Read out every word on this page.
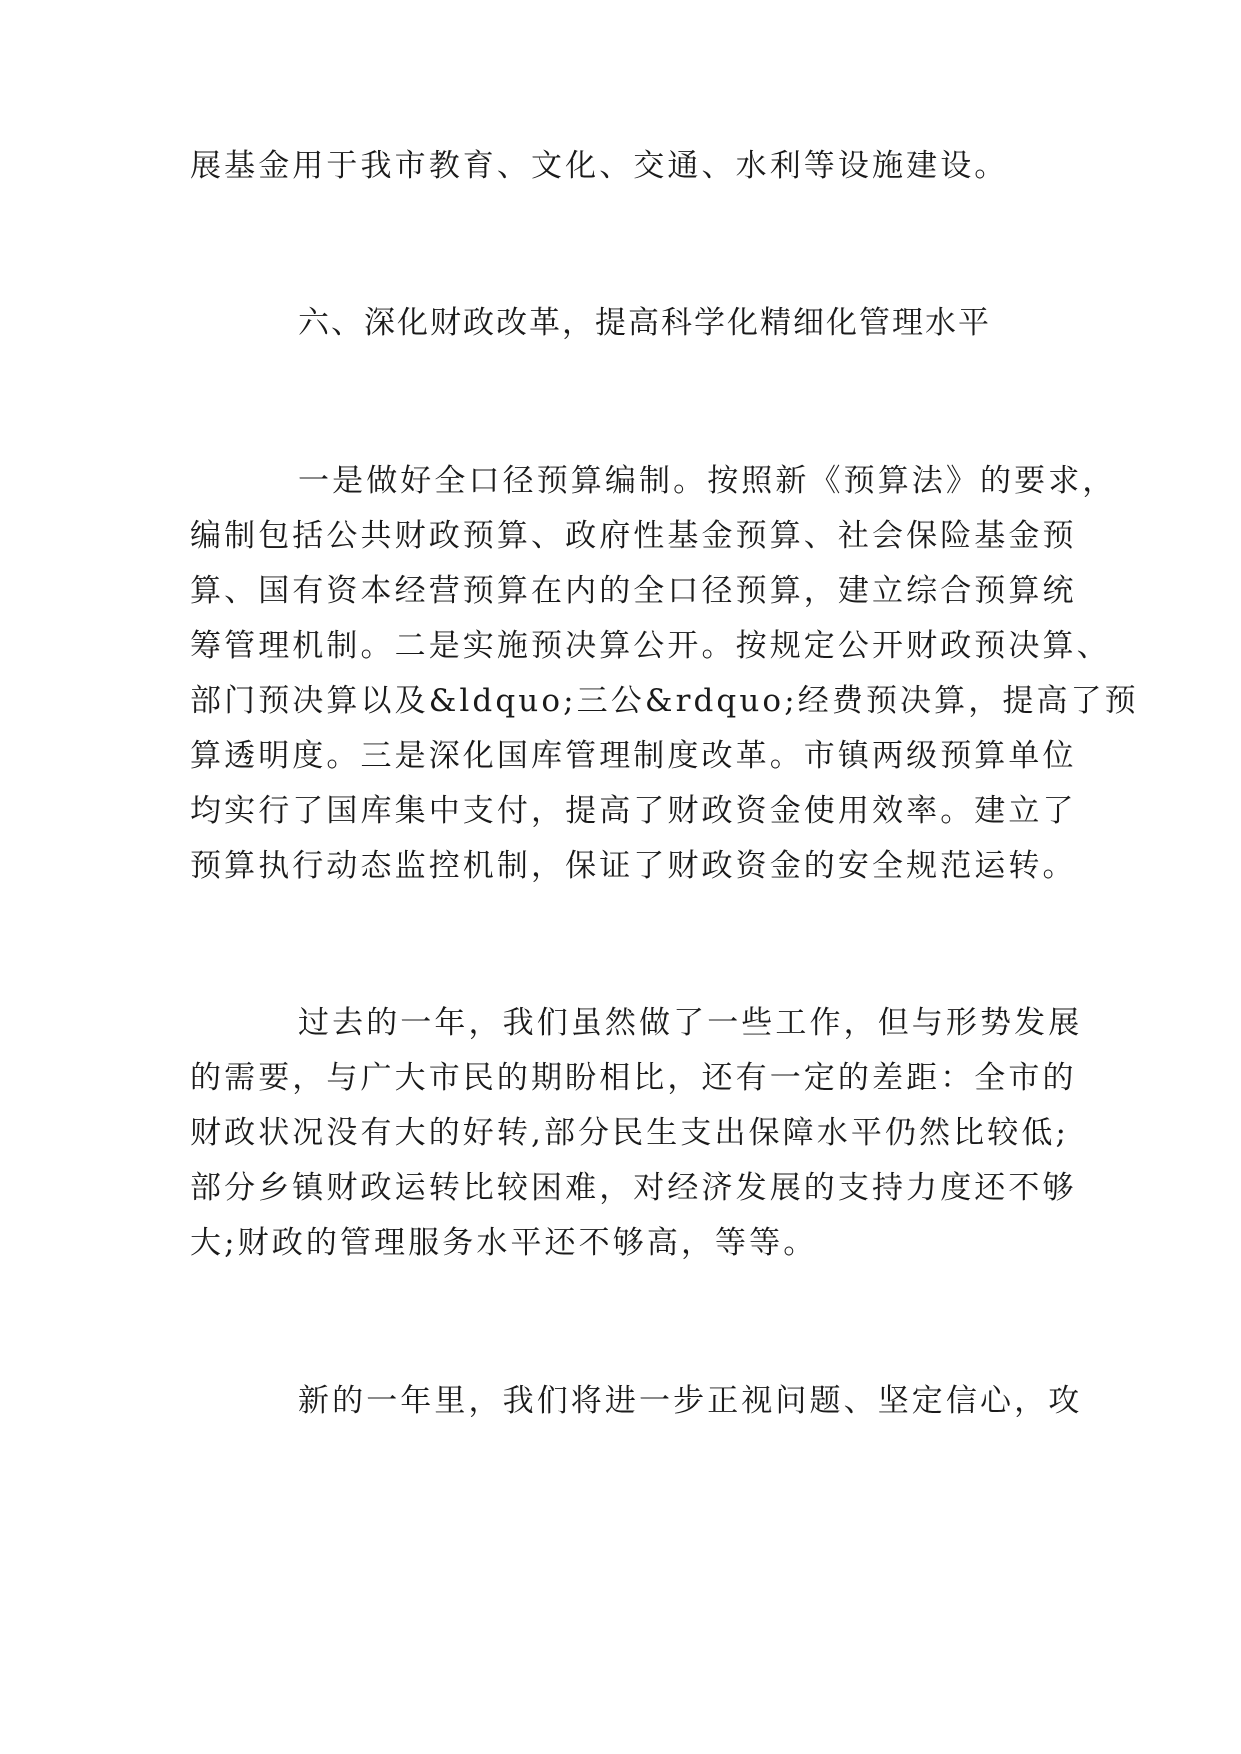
展基金用于我市教育、文化、交通、水利等设施建设。
六、深化财政改革，提高科学化精细化管理水平
一是做好全口径预算编制。按照新《预算法》的要求，
编制包括公共财政预算、政府性基金预算、社会保险基金预
算、国有资本经营预算在内的全口径预算，建立综合预算统
筹管理机制。二是实施预决算公开。按规定公开财政预决算、
部门预决算以及&ldquo;三公&rdquo;经费预决算，提高了预
算透明度。三是深化国库管理制度改革。市镇两级预算单位
均实行了国库集中支付，提高了财政资金使用效率。建立了
预算执行动态监控机制，保证了财政资金的安全规范运转。
过去的一年，我们虽然做了一些工作，但与形势发展
的需要，与广大市民的期盼相比，还有一定的差距：全市的
财政状况没有大的好转,部分民生支出保障水平仍然比较低;
部分乡镇财政运转比较困难，对经济发展的支持力度还不够
大;财政的管理服务水平还不够高，等等。
新的一年里，我们将进一步正视问题、坚定信心，攻
